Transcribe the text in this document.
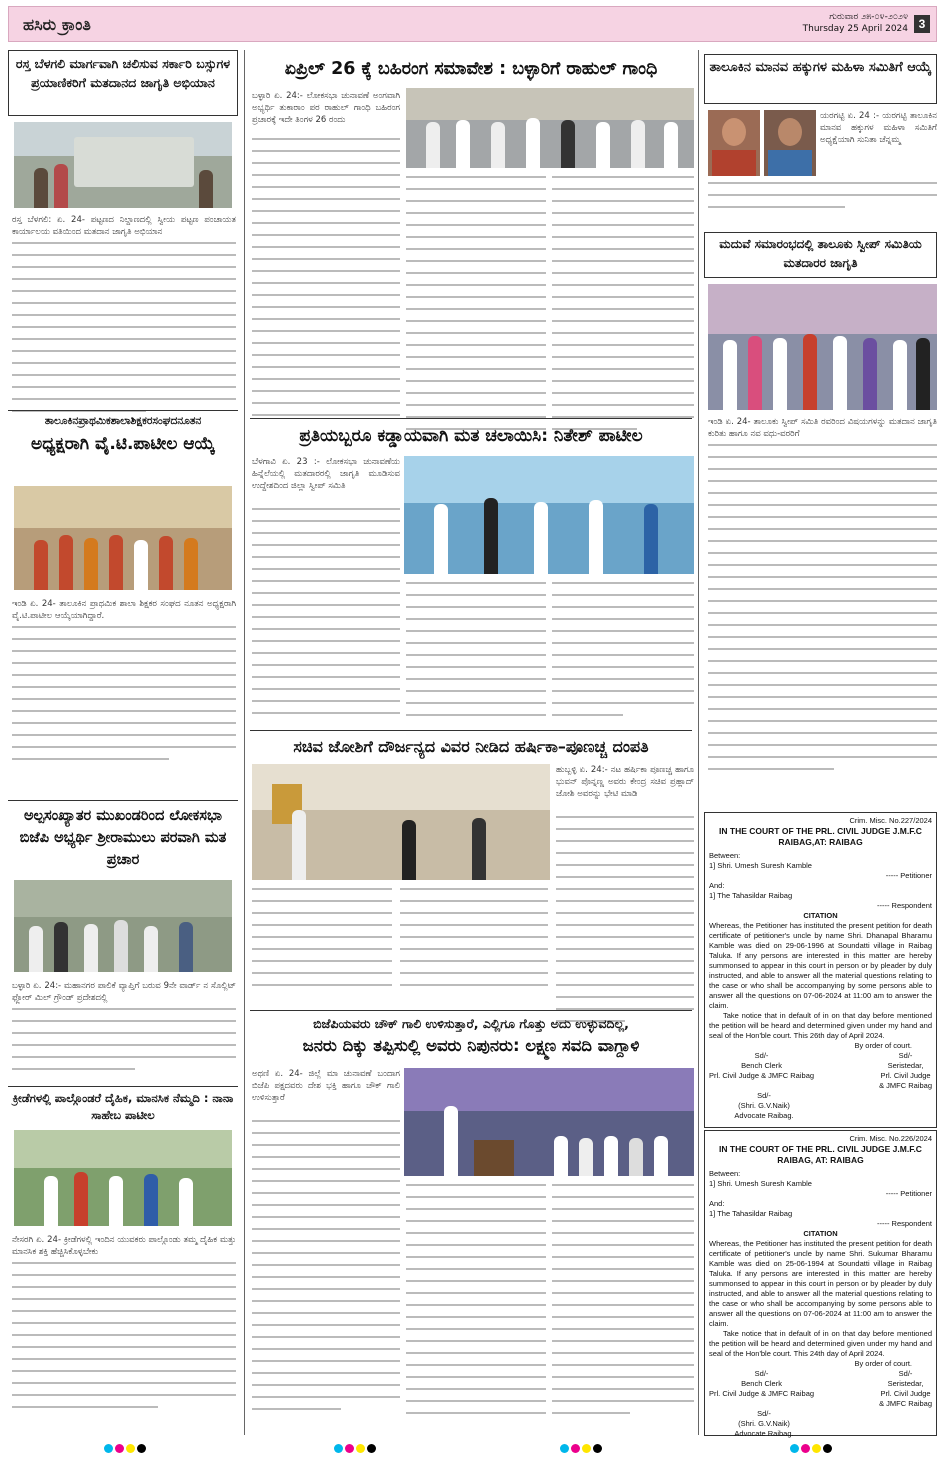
ಹಸಿರು ಕ್ರಾಂತಿ	ಗುರುವಾರ ೨೫-೦೪-೨೦೨೪
Thursday 25 April 2024 3
ರಸ್ತ ಬೆಳಗಲಿ ಮಾರ್ಗವಾಗಿ ಚಲಿಸುವ ಸರ್ಕಾರಿ ಬಸ್ಸುಗಳ ಪ್ರಯಾಣಿಕರಿಗೆ ಮತದಾನದ ಜಾಗೃತಿ ಅಭಿಯಾನ
ರಸ್ತ ಬೆಳಗಲಿ: ಏ. 24- ಪಟ್ಟಣದ ನಿಲ್ದಾಣದಲ್ಲಿ ಸ್ವೀಯ ಪಟ್ಟಣ ಪಂಚಾಯತ ಕಾರ್ಯಾಲಯ ವತಿಯಿಂದ ಮತದಾನ ಜಾಗೃತಿ ಅಭಿಯಾನ
ತಾಲೂಕಿನಪ್ರಾಥಮಿಕಶಾಲಾಶಿಕ್ಷಕರಸಂಘದನೂತನ
ಅಧ್ಯಕ್ಷರಾಗಿ ವೈ.ಟಿ.ಪಾಟೀಲ ಆಯ್ಕೆ
ಇಂಡಿ ಏ. 24- ತಾಲೂಕಿನ ಪ್ರಾಥಮಿಕ ಶಾಲಾ ಶಿಕ್ಷಕರ ಸಂಘದ ನೂತನ ಅಧ್ಯಕ್ಷರಾಗಿ ವೈ.ಟಿ.ಪಾಟೀಲ ಆಯ್ಕೆಯಾಗಿದ್ದಾರೆ.
ಅಲ್ಪಸಂಖ್ಯಾತರ ಮುಖಂಡರಿಂದ ಲೋಕಸಭಾ ಬಿಜೆಪಿ ಅಭ್ಯರ್ಥಿ ಶ್ರೀರಾಮುಲು ಪರವಾಗಿ ಮತ ಪ್ರಚಾರ
ಬಳ್ಳಾರಿ ಏ. 24:- ಮಹಾನಗರ ಪಾಲಿಕೆ ವ್ಯಾಪ್ತಿಗೆ ಬರುವ 9ನೇ ವಾರ್ಡ್ ನ ಸೊಲ್ಲಿಟ್ ಫ್ಲೋರ್ ಮಿಲ್ ಗ್ರೌಂಡ್ ಪ್ರದೇಶದಲ್ಲಿ
ಕ್ರೀಡೆಗಳಲ್ಲಿ ಪಾಲ್ಗೊಂಡರೆ ದೈಹಿಕ, ಮಾನಸಿಕ ನೆಮ್ಮದಿ : ನಾನಾ ಸಾಹೇಬ ಪಾಟೀಲ
ನೇಸರಗಿ ಏ. 24- ಕ್ರೀಡೆಗಳಲ್ಲಿ ಇಂದಿನ ಯುವಕರು ಪಾಲ್ಗೊಂಡು ತಮ್ಮ ದೈಹಿಕ ಮತ್ತು ಮಾನಸಿಕ ಶಕ್ತಿ ಹೆಚ್ಚಿಸಿಕೊಳ್ಳಬೇಕು
ಏಪ್ರಿಲ್ 26 ಕ್ಕೆ ಬಹಿರಂಗ ಸಮಾವೇಶ : ಬಳ್ಳಾರಿಗೆ ರಾಹುಲ್ ಗಾಂಧಿ
ಬಳ್ಳಾರಿ ಏ. 24:- ಲೋಕಸಭಾ ಚುನಾವಣೆ ಅಂಗವಾಗಿ ಅಭ್ಯರ್ಥಿ ತುಕಾರಾಂ ಪರ ರಾಹುಲ್ ಗಾಂಧಿ ಬಹಿರಂಗ ಪ್ರಚಾರಕ್ಕೆ ಇದೇ ತಿಂಗಳ 26 ರಂದು
ಪ್ರತಿಯಬ್ಬರೂ ಕಡ್ಡಾಯವಾಗಿ ಮತ ಚಲಾಯಿಸಿ: ನಿತೇಶ್ ಪಾಟೀಲ
ಬೆಳಗಾವಿ ಏ. 23 :- ಲೋಕಸಭಾ ಚುನಾವಣೆಯ ಹಿನ್ನೆಲೆಯಲ್ಲಿ ಮತದಾರರಲ್ಲಿ ಜಾಗೃತಿ ಮೂಡಿಸುವ ಉದ್ದೇಶದಿಂದ ಜಿಲ್ಲಾ ಸ್ವೀಪ್ ಸಮಿತಿ
ಸಚಿವ ಜೋಶಿಗೆ ದೌರ್ಜನ್ಯದ ವಿವರ ನೀಡಿದ ಹರ್ಷಿಕಾ–ಪೂಣಚ್ಚ ದಂಪತಿ
ಹುಬ್ಬಳ್ಳಿ ಏ. 24:- ನಟ ಹರ್ಷಿಕಾ ಪೂಣಚ್ಚ ಹಾಗೂ ಭುವನ್ ಪೊನ್ನಣ್ಣ ಅವರು ಕೇಂದ್ರ ಸಚಿವ ಪ್ರಹ್ಲಾದ್ ಜೋಶಿ ಅವರನ್ನು ಭೇಟಿ ಮಾಡಿ
ಬಿಜೆಪಿಯವರು ಚೌಕ್ ಗಾಲಿ ಉಳಿಸುತ್ತಾರೆ, ಎಲ್ಲಿಗೂ ಗೊತ್ತು ಅದು ಉಳ್ಳುವದಿಲ್ಲ,
ಜನರು ದಿಕ್ಕು ತಪ್ಪಿಸುಲ್ಲಿ ಅವರು ನಿಪುನರು: ಲಕ್ಷ್ಮಣ ಸವದಿ ವಾಗ್ದಾಳಿ
ಅಥಣಿ ಏ. 24- ಜಿಲ್ಲೆ ಮಾ ಚುನಾವಣೆ ಬಂದಾಗ ಬಿಜೆಪಿ ಪಕ್ಷದವರು ದೇಶ ಭಕ್ತಿ ಹಾಗೂ ಚೌಕ್ ಗಾಲಿ ಉಳಿಸುತ್ತಾರೆ
ತಾಲೂಕಿನ ಮಾನವ ಹಕ್ಕುಗಳ ಮಹಿಳಾ ಸಮಿತಿಗೆ ಆಯ್ಕೆ
ಯರಗಟ್ಟಿ ಏ. 24 :- ಯರಗಟ್ಟಿ ತಾಲೂಕಿನ ಮಾನವ ಹಕ್ಕುಗಳ ಮಹಿಳಾ ಸಮಿತಿಗೆ ಅಧ್ಯಕ್ಷೆಯಾಗಿ ಸುನಿತಾ ಚೆನ್ನಮ್ಮ
ಮದುವೆ ಸಮಾರಂಭದಲ್ಲಿ ತಾಲೂಕು ಸ್ವೀಪ್ ಸಮಿತಿಯ ಮತದಾರರ ಜಾಗೃತಿ
ಇಂಡಿ ಏ. 24- ತಾಲೂಕು ಸ್ವೀಪ್ ಸಮಿತಿ ರವರಿಂದ ವಿಷಯಗಳನ್ನು ಮತದಾನ ಜಾಗೃತಿ ಕುರಿತು ಹಾಗೂ ನವ ವಧು-ವರರಿಗೆ
Crim. Misc. No.227/2024
IN THE COURT OF THE PRL. CIVIL JUDGE J.M.F.C RAIBAG,AT: RAIBAG
Between:
1] Shri. Umesh Suresh Kamble
----- Petitioner
And:
1] The Tahasildar Raibag
----- Respondent
CITATION
Whereas, the Petitioner has instituted the present petition for death certificate of petitioner's uncle by name Shri. Dhanapal Bharamu Kamble was died on 29-06-1996 at Soundatti village in Raibag Taluka. If any persons are interested in this matter are hereby summonsed to appear in this court in person or by pleader by duly instructed, and able to answer all the material questions relating to the case or who shall be accompanying by some persons able to answer all the questions on 07-06-2024 at 11:00 am to answer the claim.
Take notice that in default of in on that day before mentioned the petition will be heard and determined given under my hand and seal of the Hon'ble court. This 26th day of April 2024.
By order of court.
Sd/-
Bench Clerk
Prl. Civil Judge & JMFC Raibag
Sd/-
Seristedar,
Prl. Civil Judge
& JMFC Raibag
Sd/-
(Shri. G.V.Naik)
Advocate Raibag.
Crim. Misc. No.226/2024
IN THE COURT OF THE PRL. CIVIL JUDGE J.M.F.C RAIBAG, AT: RAIBAG
Between:
1] Shri. Umesh Suresh Kamble
----- Petitioner
And:
1] The Tahasildar Raibag
----- Respondent
CITATION
Whereas, the Petitioner has instituted the present petition for death certificate of petitioner's uncle by name Shri. Sukumar Bharamu Kamble was died on 25-06-1994 at Soundatti village in Raibag Taluka. If any persons are interested in this matter are hereby summonsed to appear in this court in person or by pleader by duly instructed, and able to answer all the material questions relating to the case or who shall be accompanying by some persons able to answer all the questions on 07-06-2024 at 11:00 am to answer the claim.
Take notice that in default of in on that day before mentioned the petition will be heard and determined given under my hand and seal of the Hon'ble court. This 24th day of April 2024.
By order of court.
Sd/-
Bench Clerk
Prl. Civil Judge & JMFC Raibag
Sd/-
Seristedar,
Prl. Civil Judge
& JMFC Raibag
Sd/-
(Shri. G.V.Naik)
Advocate Raibag.
